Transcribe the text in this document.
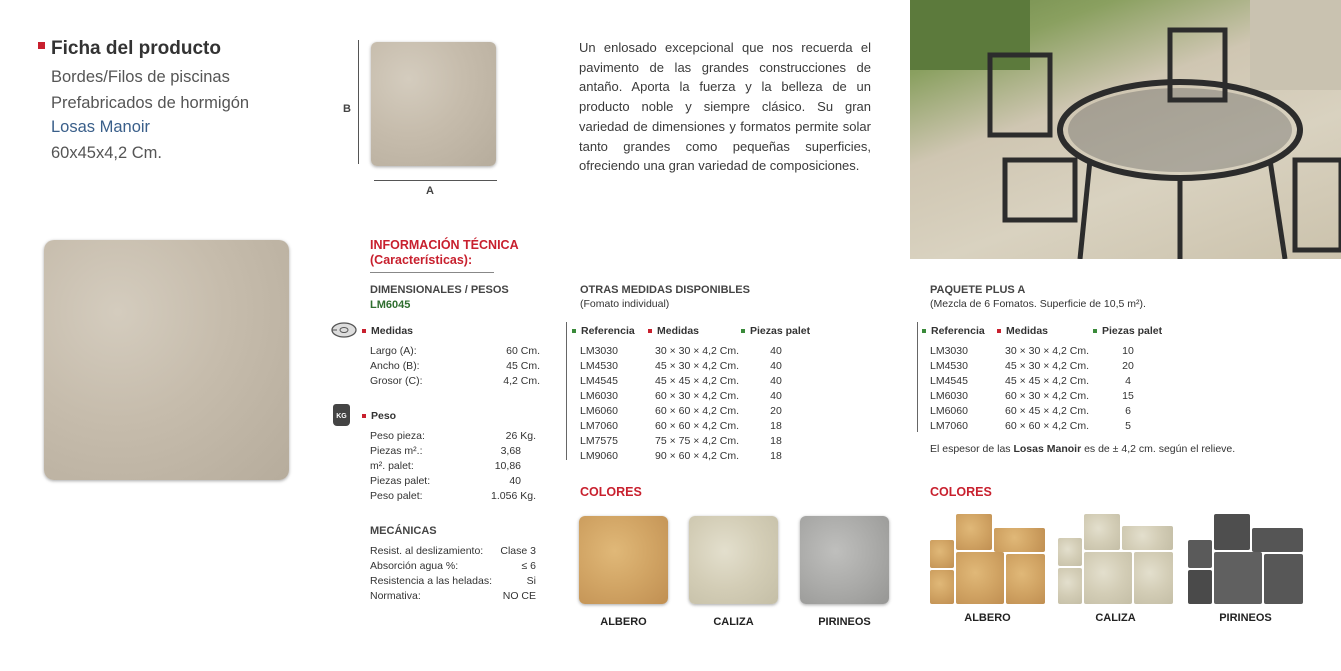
Ficha del producto
Bordes/Filos de piscinas
Prefabricados de hormigón
Losas Manoir
60x45x4,2 Cm.
B
A
Un enlosado excepcional que nos recuerda el pavimento de las grandes construcciones de antaño. Aporta la fuerza y la belleza de un producto noble y siempre clásico. Su gran variedad de dimensiones y formatos permite solar tanto grandes como pequeñas superficies, ofreciendo una gran variedad de composiciones.
INFORMACIÓN TÉCNICA
(Características):
DIMENSIONALES / PESOS
LM6045
Medidas
Largo (A):	60 Cm.
Ancho (B):	45 Cm.
Grosor (C):	4,2 Cm.
KG	Peso
Peso pieza:	26 Kg.
Piezas m².:	3,68
m². palet:	10,86
Piezas palet:	40
Peso palet:	1.056 Kg.
MECÁNICAS
Resist. al deslizamiento:	Clase 3
Absorción agua %:	≤ 6
Resistencia a las heladas:	Si
Normativa:	NO CE
OTRAS MEDIDAS DISPONIBLES
(Fomato individual)
Referencia	Medidas	Piezas palet
LM3030	30 × 30 × 4,2 Cm.	40
LM4530	45 × 30 × 4,2 Cm.	40
LM4545	45 × 45 × 4,2 Cm.	40
LM6030	60 × 30 × 4,2 Cm.	40
LM6060	60 × 60 × 4,2 Cm.	20
LM7060	60 × 60 × 4,2 Cm.	18
LM7575	75 × 75 × 4,2 Cm.	18
LM9060	90 × 60 × 4,2 Cm.	18
COLORES
ALBERO	CALIZA	PIRINEOS
PAQUETE PLUS A
(Mezcla de 6 Fomatos. Superficie de 10,5 m²).
Referencia	Medidas	Piezas palet
LM3030	30 × 30 × 4,2 Cm.	10
LM4530	45 × 30 × 4,2 Cm.	20
LM4545	45 × 45 × 4,2 Cm.	4
LM6030	60 × 30 × 4,2 Cm.	15
LM6060	60 × 45 × 4,2 Cm.	6
LM7060	60 × 60 × 4,2 Cm.	5
El espesor de las Losas Manoir es de ± 4,2 cm. según el relieve.
COLORES
ALBERO	CALIZA	PIRINEOS
